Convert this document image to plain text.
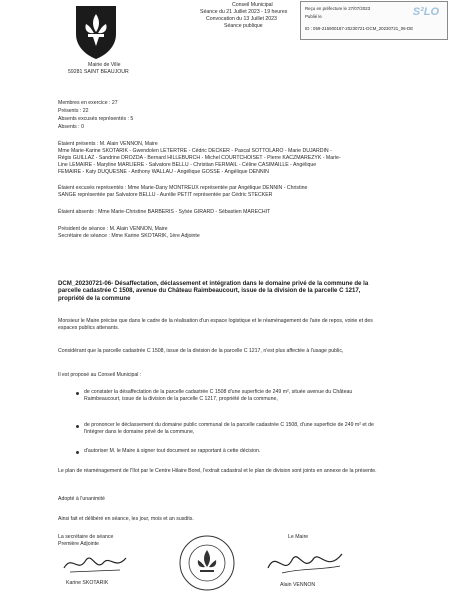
Mairie de Ville
59281 SAINT BEAUJOUR
Conseil Municipal
Séance du 21 Juillet 2023 - 19 heures
Convocation du 13 Juillet 2023
Séance publique
Reçu en préfecture le 27/07/2023
Publié le
ID : 059-215900187-20230721-DCM_20230721_06-DE
S²LO
Membres en exercice : 27
Présents : 22
Absents excusés représentés : 5
Absents : 0
Étaient présents : M. Alain VENNON, Maire
Mme Marie-Karine SKOTARIK - Gwendolen LETERTRE - Cédric DECKER - Pascal SOTTOLARO - Marie DUJARDIN -
Régis GUILLAZ - Sandrine DROZDA - Bernard HILLEBURCH - Michel COURTCHOISET - Pierre KACZMAREZYK - Marie-
Line LEMAIRE - Maryline MARLIERE - Salvatore BELLU - Christian FERMAIL - Céline CASIMAILLE - Angélique
FEMAIRE - Katy DUQUESNE - Anthony WALLAU - Angélique GOSSE - Angélique DENNIN
Étaient excusés représentés : Mme Marie-Dany MONTREUX représentée par Angélique DENNIN - Christine
SANGE représentée par Salvatore BELLU - Aurélie PETIT représentée par Cédric STECKER
Étaient absents : Mme Marie-Christine BARBERIS - Sylvie GIRARD - Sébastien MARECHIT
Président de séance : M. Alain VENNON, Maire
Secrétaire de séance : Mme Karine SKOTARIK, 1ère Adjointe
DCM_20230721-06- Désaffectation, déclassement et intégration dans le domaine privé de la commune de la parcelle cadastrée C 1508, avenue du Château Raimbeaucourt, issue de la division de la parcelle C 1217, propriété de la commune
Monsieur le Maire précise que dans le cadre de la réalisation d'un espace logistique et le réaménagement de l'aire de repos, voirie et des espaces publics attenants.
Considérant que la parcelle cadastrée C 1508, issue de la division de la parcelle C 1217, n'est plus affectée à l'usage public,
Il est proposé au Conseil Municipal :
de constater la désaffectation de la parcelle cadastrée C 1508 d'une superficie de 249 m², située avenue du Château Raimbeaucourt, issue de la division de la parcelle C 1217, propriété de la commune,
de prononcer le déclassement du domaine public communal de la parcelle cadastrée C 1508, d'une superficie de 249 m² et de l'intégrer dans le domaine privé de la commune,
d'autoriser M. le Maire à signer tout document se rapportant à cette décision.
Le plan de réaménagement de l'îlot par le Centre Hilaire Borel, l'extrait cadastral et le plan de division sont joints en annexe de la présente.
Adopté à l'unanimité
Ainsi fait et délibéré en séance, les jour, mois et an susdits.
La secrétaire de séance
Première Adjointe
Karine SKOTARIK
Le Maire
Alain VENNON
